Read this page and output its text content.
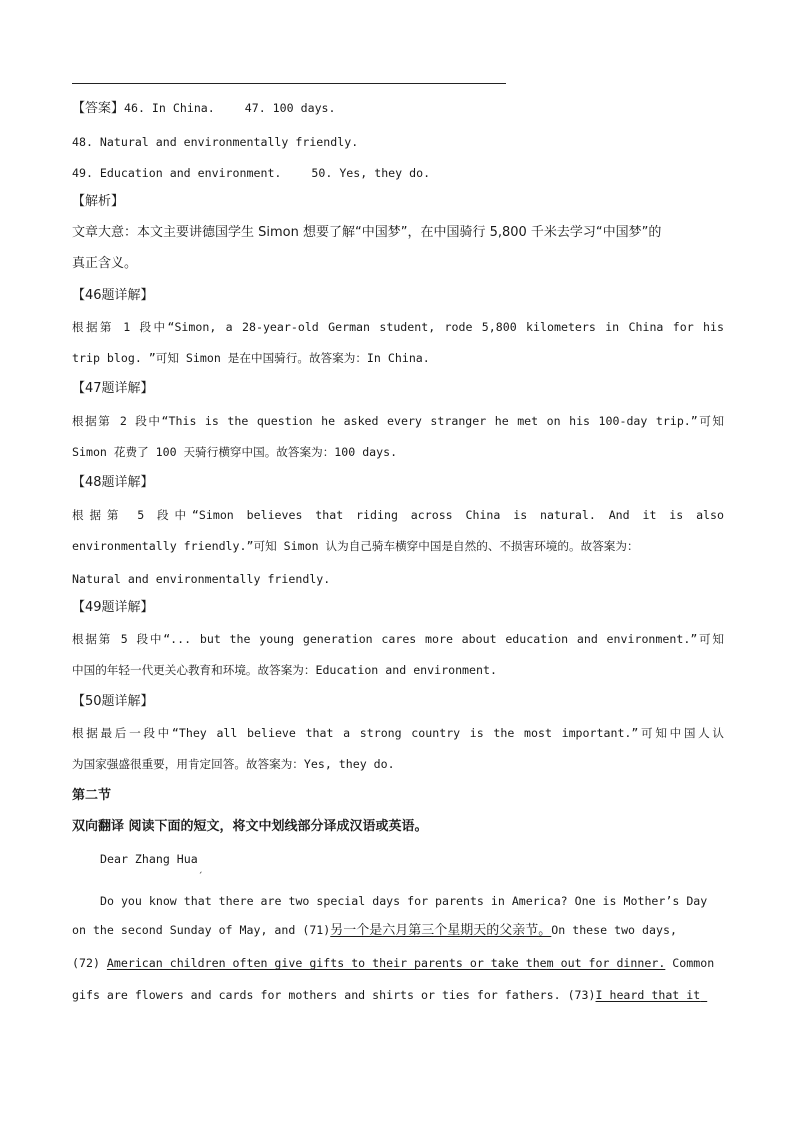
【答案】46. In China.	47. 100 days.
48. Natural and environmentally friendly.
49. Education and environment.	50. Yes, they do.
【解析】
文章大意：本文主要讲德国学生 Simon 想要了解“中国梦”，在中国骑行 5,800 千米去学习“中国梦”的
真正含义。
【46题详解】
根据第 1 段中“Simon, a 28-year-old German student, rode 5,800 kilometers in China for his
trip blog. ”可知 Simon 是在中国骑行。故答案为：In China.
【47题详解】
根据第 2 段中“This is the question he asked every stranger he met on his 100-day trip.”可知
Simon 花费了 100 天骑行横穿中国。故答案为：100 days.
【48题详解】
根据第 5 段中“Simon believes that riding across China is natural. And it is also
environmentally friendly.”可知 Simon 认为自己骑车横穿中国是自然的、不损害环境的。故答案为：
Natural and environmentally friendly.
【49题详解】
根据第 5 段中“... but the young generation cares more about education and environment.”可知
中国的年轻一代更关心教育和环境。故答案为：Education and environment.
【50题详解】
根据最后一段中“They all believe that a strong country is the most important.”可知中国人认
为国家强盛很重要，用肯定回答。故答案为：Yes, they do.
第二节
双向翻译 阅读下面的短文，将文中划线部分译成汉语或英语。
Dear Zhang Hua
ˏ
Do you know that there are two special days for parents in America? One is Mother’s Day
on the second Sunday of May, and (71)另一个是六月第三个星期天的父亲节。On these two days,
(72) American children often give gifts to their parents or take them out for dinner. Common
gifs are flowers and cards for mothers and shirts or ties for fathers. (73)I heard that it
